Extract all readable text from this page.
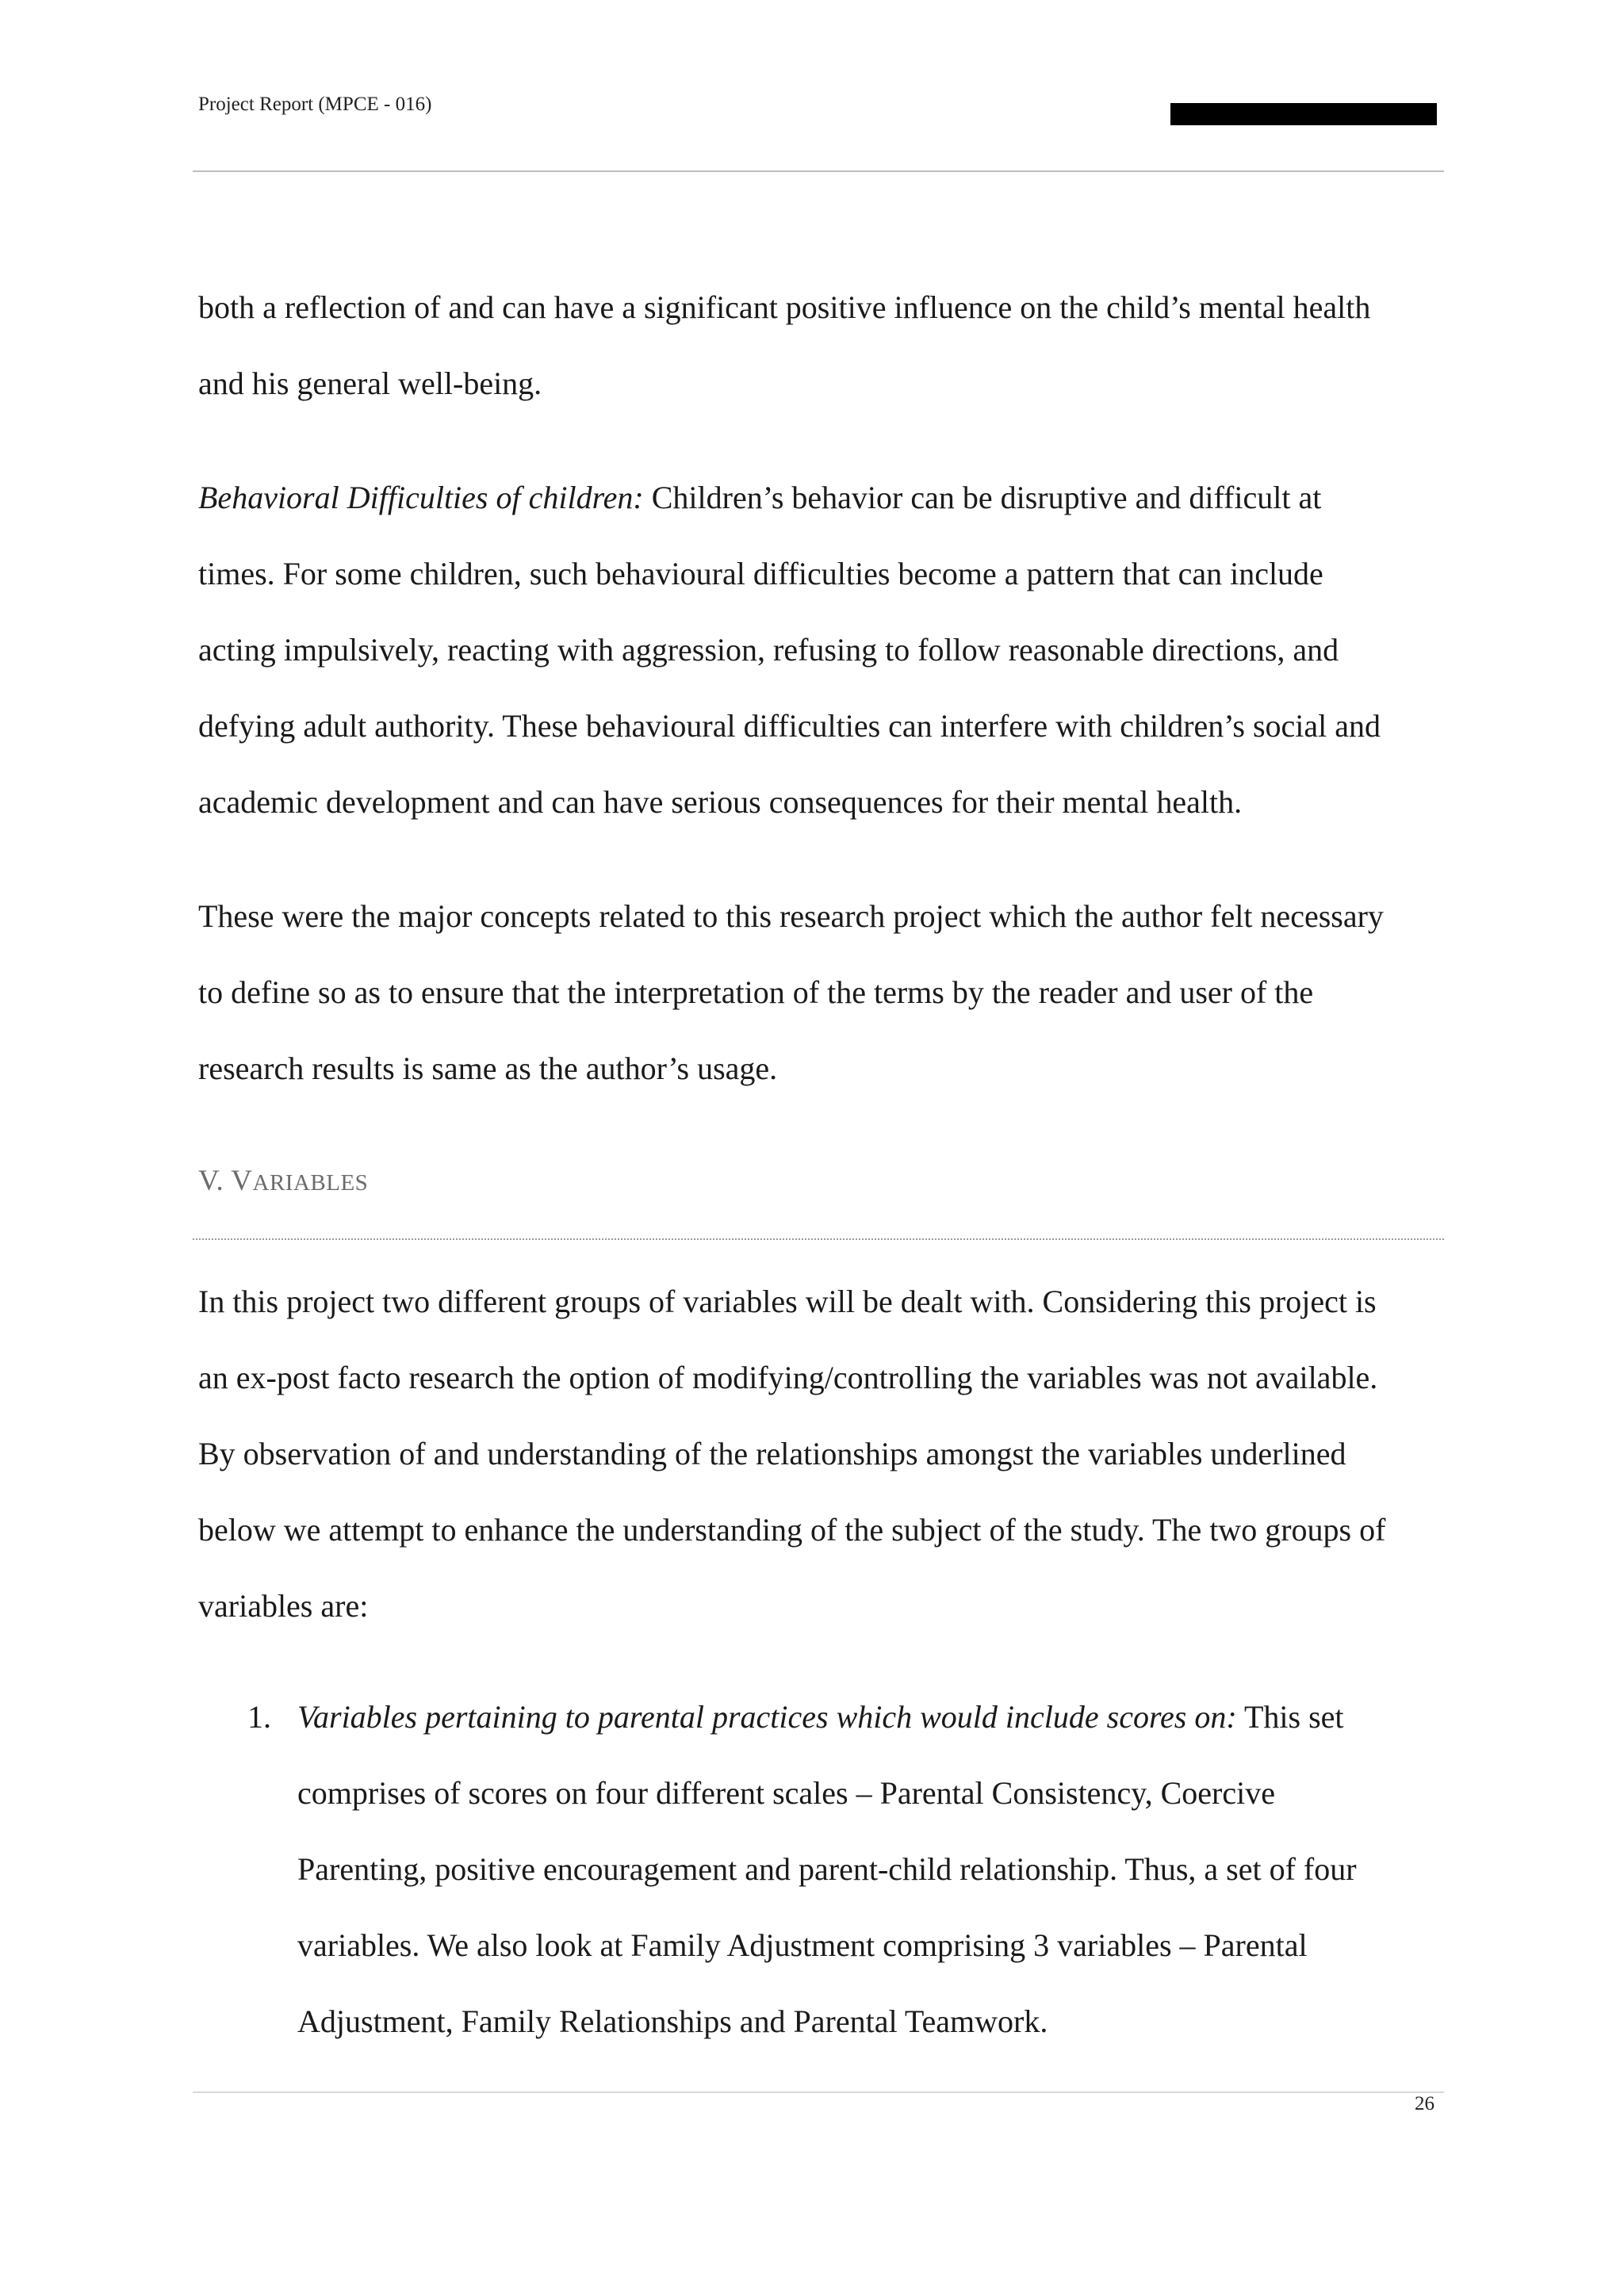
Project Report (MPCE - 016)
both a reflection of and can have a significant positive influence on the child’s mental health
and his general well-being.
Behavioral Difficulties of children: Children’s behavior can be disruptive and difficult at
times. For some children, such behavioural difficulties become a pattern that can include
acting impulsively, reacting with aggression, refusing to follow reasonable directions, and
defying adult authority. These behavioural difficulties can interfere with children’s social and
academic development and can have serious consequences for their mental health.
These were the major concepts related to this research project which the author felt necessary
to define so as to ensure that the interpretation of the terms by the reader and user of the
research results is same as the author’s usage.
V. VARIABLES
In this project two different groups of variables will be dealt with. Considering this project is
an ex-post facto research the option of modifying/controlling the variables was not available.
By observation of and understanding of the relationships amongst the variables underlined
below we attempt to enhance the understanding of the subject of the study. The two groups of
variables are:
1. Variables pertaining to parental practices which would include scores on: This set
comprises of scores on four different scales – Parental Consistency, Coercive
Parenting, positive encouragement and parent-child relationship. Thus, a set of four
variables. We also look at Family Adjustment comprising 3 variables – Parental
Adjustment, Family Relationships and Parental Teamwork.
26
